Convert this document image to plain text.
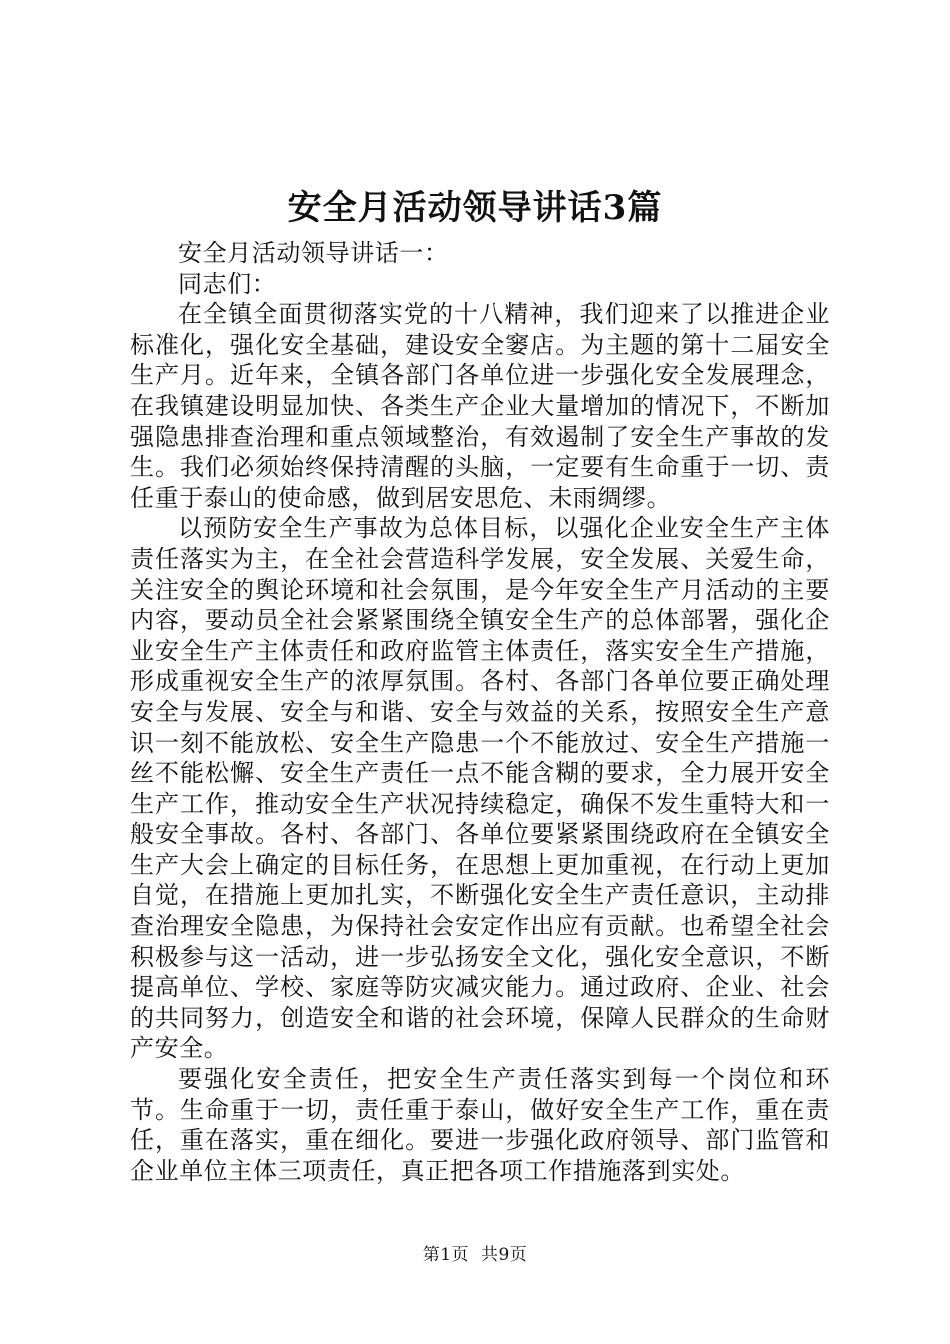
安全月活动领导讲话3篇

安全月活动领导讲话一：

同志们：

在全镇全面贯彻落实党的十八精神，我们迎来了以推进企业标准化，强化安全基础，建设安全窭店。为主题的第十二届安全生产月。近年来，全镇各部门各单位进一步强化安全发展理念，在我镇建设明显加快、各类生产企业大量增加的情况下，不断加强隐患排查治理和重点领域整治，有效遏制了安全生产事故的发生。我们必须始终保持清醒的头脑，一定要有生命重于一切、责任重于泰山的使命感，做到居安思危、未雨绸缪。

以预防安全生产事故为总体目标，以强化企业安全生产主体责任落实为主，在全社会营造科学发展，安全发展、关爱生命，关注安全的舆论环境和社会氛围，是今年安全生产月活动的主要内容，要动员全社会紧紧围绕全镇安全生产的总体部署，强化企业安全生产主体责任和政府监管主体责任，落实安全生产措施，形成重视安全生产的浓厚氛围。各村、各部门各单位要正确处理安全与发展、安全与和谐、安全与效益的关系，按照安全生产意识一刻不能放松、安全生产隐患一个不能放过、安全生产措施一丝不能松懈、安全生产责任一点不能含糊的要求，全力展开安全生产工作，推动安全生产状况持续稳定，确保不发生重特大和一般安全事故。各村、各部门、各单位要紧紧围绕政府在全镇安全生产大会上确定的目标任务，在思想上更加重视，在行动上更加自觉，在措施上更加扎实，不断强化安全生产责任意识，主动排查治理安全隐患，为保持社会安定作出应有贡献。也希望全社会积极参与这一活动，进一步弘扬安全文化，强化安全意识，不断提高单位、学校、家庭等防灾减灾能力。通过政府、企业、社会的共同努力，创造安全和谐的社会环境，保障人民群众的生命财产安全。

要强化安全责任，把安全生产责任落实到每一个岗位和环节。生命重于一切，责任重于泰山，做好安全生产工作，重在责任，重在落实，重在细化。要进一步强化政府领导、部门监管和企业单位主体三项责任，真正把各项工作措施落到实处。

第1页 共9页
